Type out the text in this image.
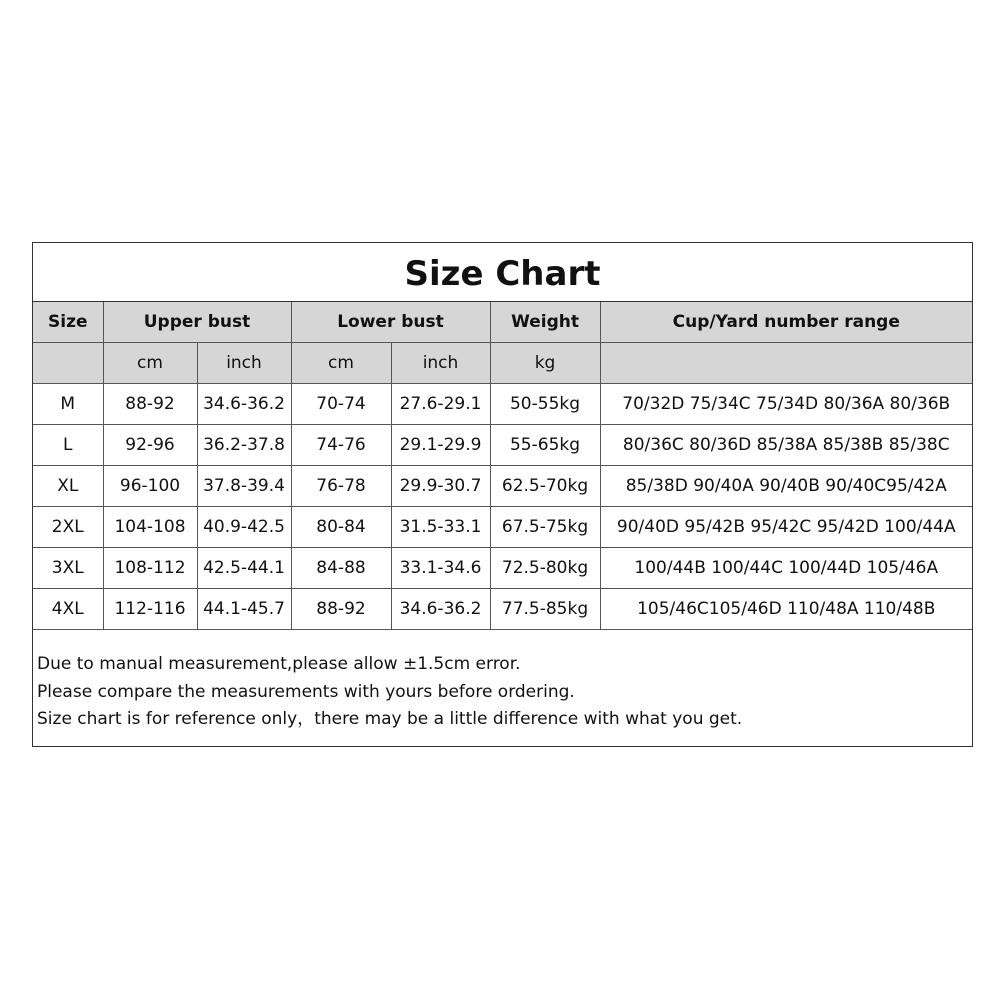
Size Chart
Size	Upper bust		Lower bust		Weight	Cup/Yard number range
	cm	inch	cm	inch	kg	
M	88-92	34.6-36.2	70-74	27.6-29.1	50-55kg	70/32D 75/34C 75/34D 80/36A 80/36B
L	92-96	36.2-37.8	74-76	29.1-29.9	55-65kg	80/36C 80/36D 85/38A 85/38B 85/38C
XL	96-100	37.8-39.4	76-78	29.9-30.7	62.5-70kg	85/38D 90/40A 90/40B 90/40C95/42A
2XL	104-108	40.9-42.5	80-84	31.5-33.1	67.5-75kg	90/40D 95/42B 95/42C 95/42D 100/44A
3XL	108-112	42.5-44.1	84-88	33.1-34.6	72.5-80kg	100/44B 100/44C 100/44D 105/46A
4XL	112-116	44.1-45.7	88-92	34.6-36.2	77.5-85kg	105/46C105/46D 110/48A 110/48B
Due to manual measurement,please allow ±1.5cm error.
Please compare the measurements with yours before ordering.
Size chart is for reference only，there may be a little difference with what you get.
